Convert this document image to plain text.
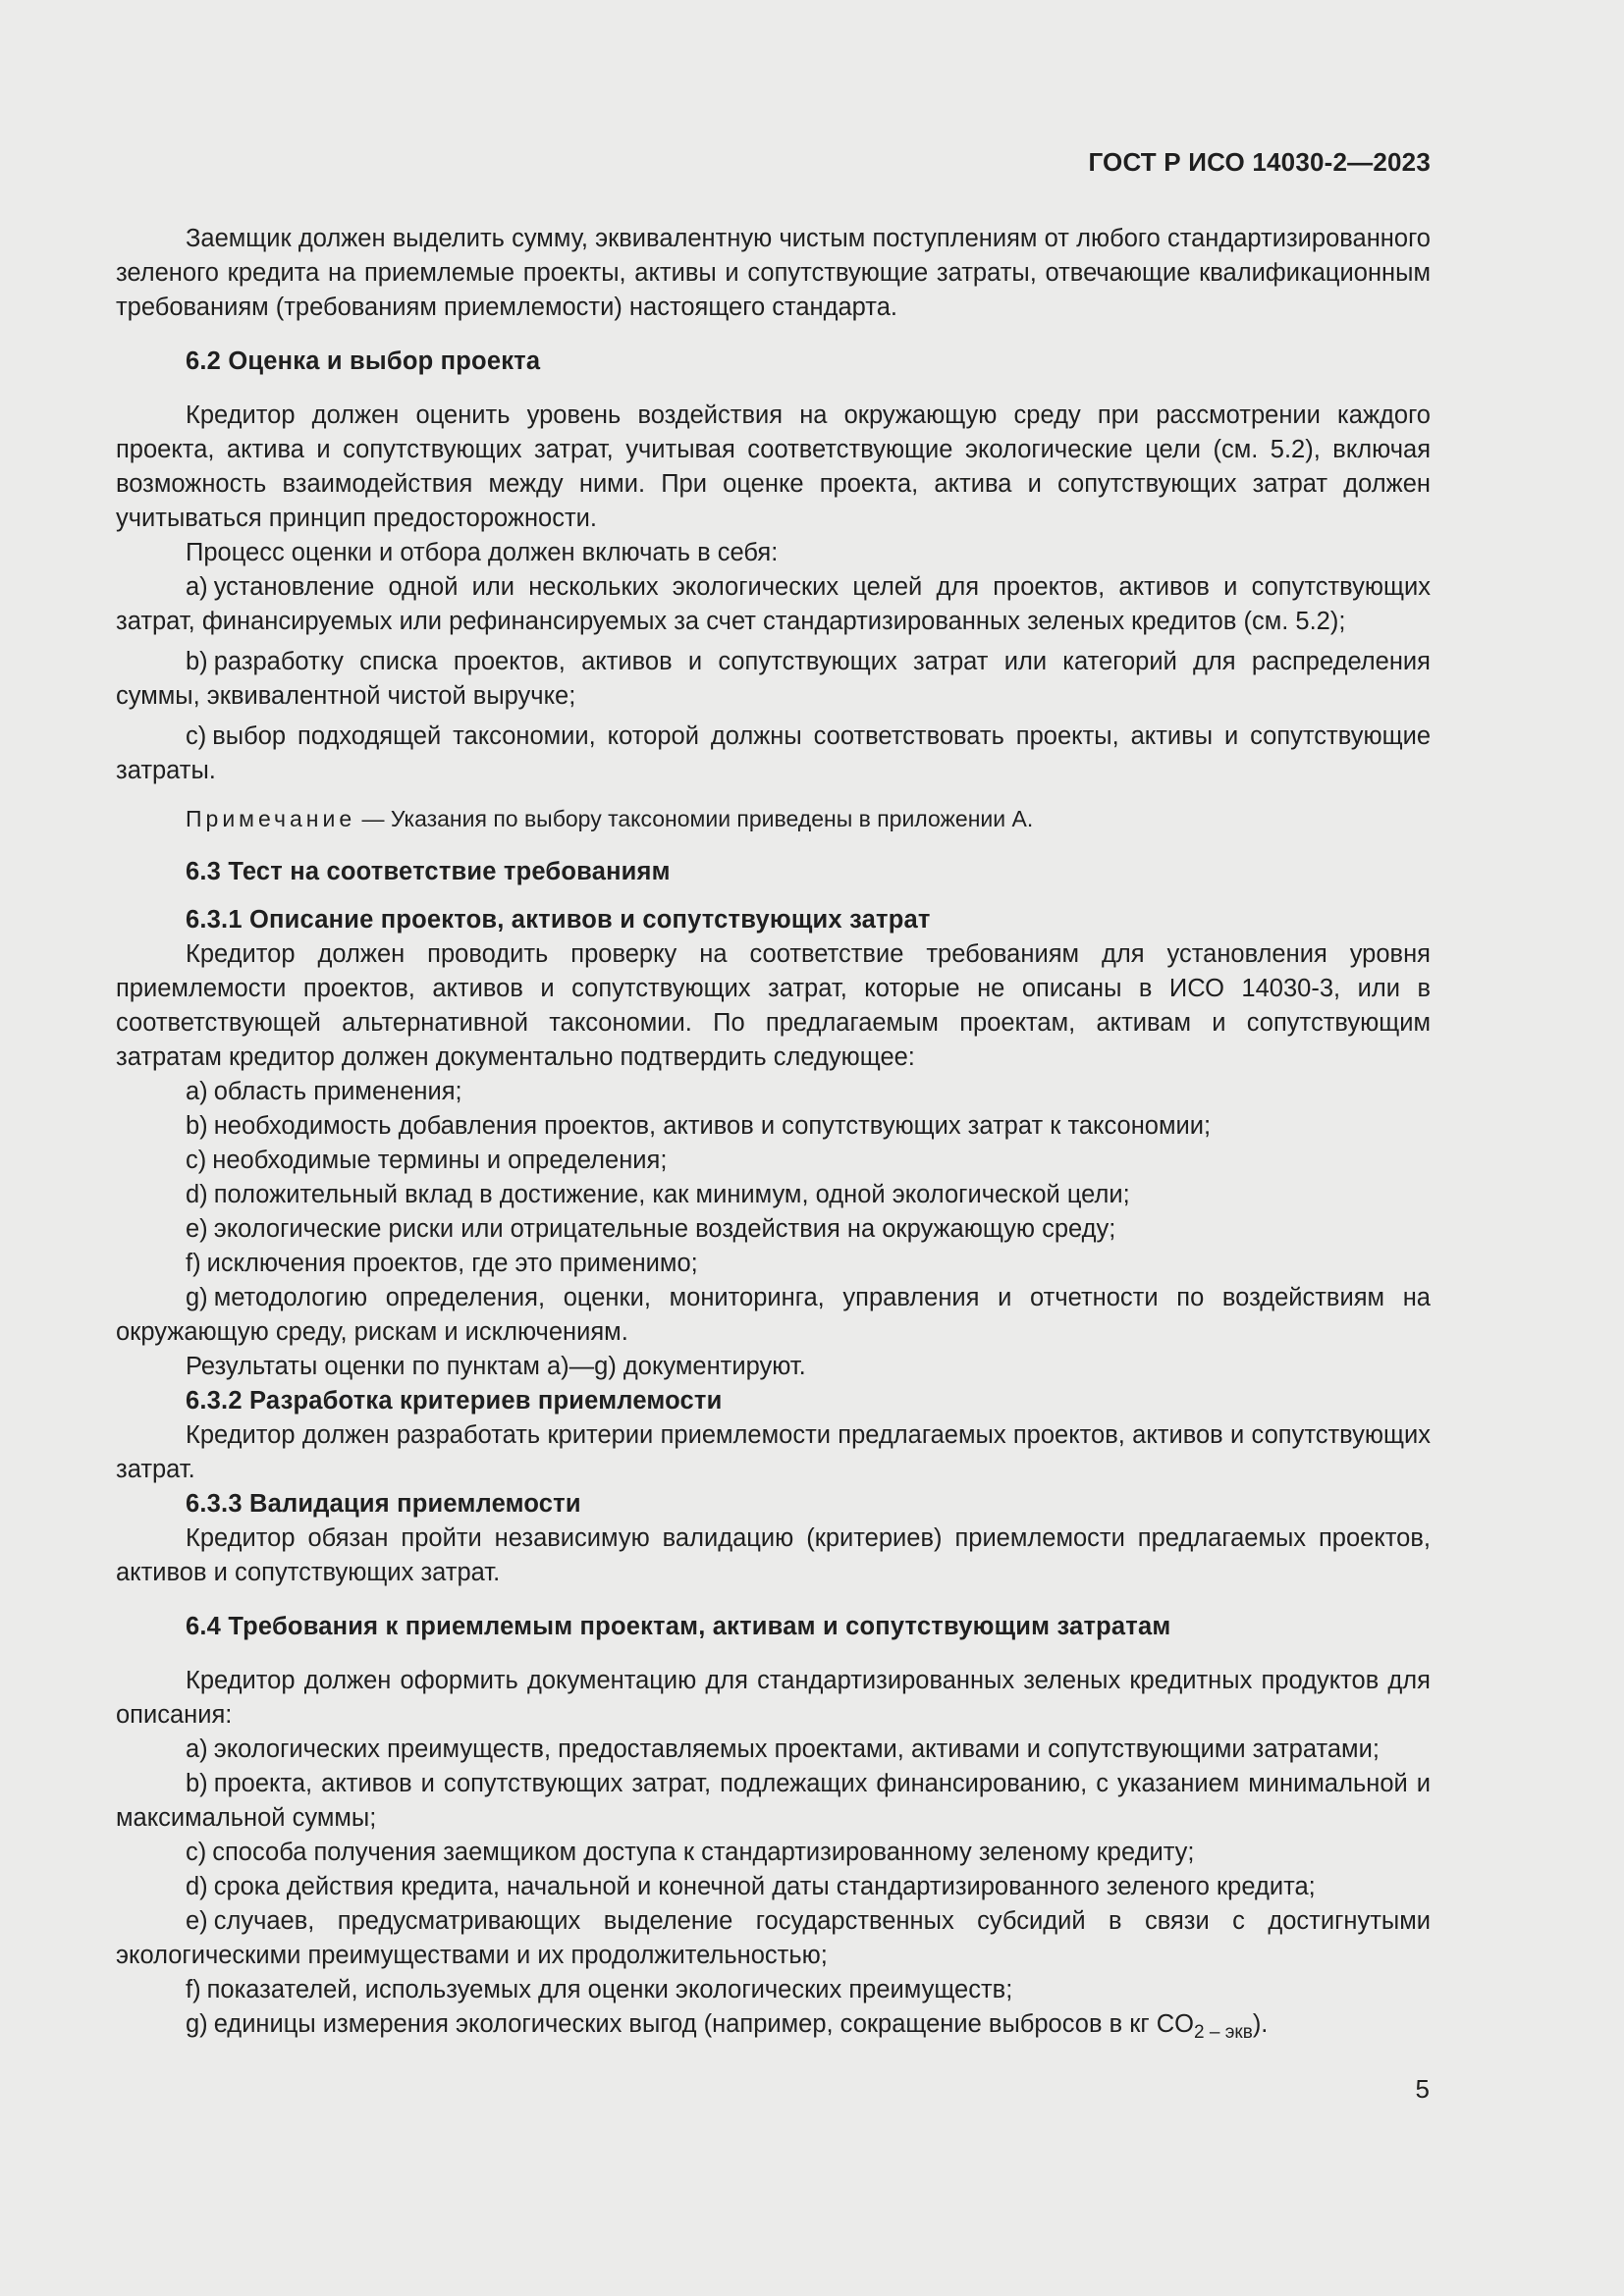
ГОСТ Р ИСО 14030-2—2023

Заемщик должен выделить сумму, эквивалентную чистым поступлениям от любого стандартизированного зеленого кредита на приемлемые проекты, активы и сопутствующие затраты, отвечающие квалификационным требованиям (требованиям приемлемости) настоящего стандарта.

6.2 Оценка и выбор проекта

Кредитор должен оценить уровень воздействия на окружающую среду при рассмотрении каждого проекта, актива и сопутствующих затрат, учитывая соответствующие экологические цели (см. 5.2), включая возможность взаимодействия между ними. При оценке проекта, актива и сопутствующих затрат должен учитываться принцип предосторожности.

Процесс оценки и отбора должен включать в себя:

a) установление одной или нескольких экологических целей для проектов, активов и сопутствующих затрат, финансируемых или рефинансируемых за счет стандартизированных зеленых кредитов (см. 5.2);

b) разработку списка проектов, активов и сопутствующих затрат или категорий для распределения суммы, эквивалентной чистой выручке;

c) выбор подходящей таксономии, которой должны соответствовать проекты, активы и сопутствующие затраты.

Примечание — Указания по выбору таксономии приведены в приложении А.
6.3 Тест на соответствие требованиям
6.3.1 Описание проектов, активов и сопутствующих затрат

Кредитор должен проводить проверку на соответствие требованиям для установления уровня приемлемости проектов, активов и сопутствующих затрат, которые не описаны в ИСО 14030-3, или в соответствующей альтернативной таксономии. По предлагаемым проектам, активам и сопутствующим затратам кредитор должен документально подтвердить следующее:

a) область применения;

b) необходимость добавления проектов, активов и сопутствующих затрат к таксономии;

c) необходимые термины и определения;

d) положительный вклад в достижение, как минимум, одной экологической цели;

e) экологические риски или отрицательные воздействия на окружающую среду;

f) исключения проектов, где это применимо;

g) методологию определения, оценки, мониторинга, управления и отчетности по воздействиям на окружающую среду, рискам и исключениям.

Результаты оценки по пунктам а)—g) документируют.

6.3.2 Разработка критериев приемлемости

Кредитор должен разработать критерии приемлемости предлагаемых проектов, активов и сопутствующих затрат.

6.3.3 Валидация приемлемости

Кредитор обязан пройти независимую валидацию (критериев) приемлемости предлагаемых проектов, активов и сопутствующих затрат.

6.4 Требования к приемлемым проектам, активам и сопутствующим затратам

Кредитор должен оформить документацию для стандартизированных зеленых кредитных продуктов для описания:

a) экологических преимуществ, предоставляемых проектами, активами и сопутствующими затратами;

b) проекта, активов и сопутствующих затрат, подлежащих финансированию, с указанием минимальной и максимальной суммы;

c) способа получения заемщиком доступа к стандартизированному зеленому кредиту;

d) срока действия кредита, начальной и конечной даты стандартизированного зеленого кредита;

e) случаев, предусматривающих выделение государственных субсидий в связи с достигнутыми экологическими преимуществами и их продолжительностью;

f) показателей, используемых для оценки экологических преимуществ;

g) единицы измерения экологических выгод (например, сокращение выбросов в кг $CO_{2 - экв}$).

5
